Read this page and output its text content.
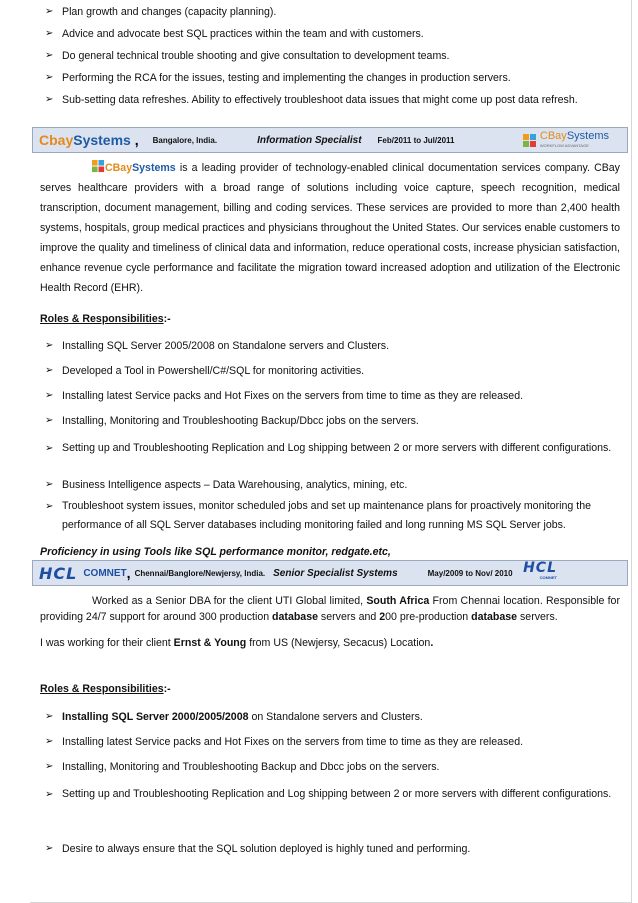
➢ Plan growth and changes (capacity planning).
➢ Advice and advocate best SQL practices within the team and with customers.
➢ Do general technical trouble shooting and give consultation to development teams.
➢ Performing the RCA for the issues, testing and implementing the changes in production servers.
➢ Sub-setting data refreshes. Ability to effectively troubleshoot data issues that might come up post data refresh.
CbaySystems , Bangalore, India.	Information Specialist Feb/2011 to Jul/2011	CBaySystems
WORKFLOW ADVANTAGE
CBaySystems is a leading provider of technology-enabled clinical documentation services company. CBay serves healthcare providers with a broad range of solutions including voice capture, speech recognition, medical transcription, document management, billing and coding services. These services are provided to more than 2,400 health systems, hospitals, group medical practices and physicians throughout the United States. Our services enable customers to improve the quality and timeliness of clinical data and information, reduce operational costs, increase physician satisfaction, enhance revenue cycle performance and facilitate the migration toward increased adoption and utilization of the Electronic Health Record (EHR).
Roles & Responsibilities:-
➢ Installing SQL Server 2005/2008 on Standalone servers and Clusters.
➢ Developed a Tool in Powershell/C#/SQL for monitoring activities.
➢ Installing latest Service packs and Hot Fixes on the servers from time to time as they are released.
➢ Installing, Monitoring and Troubleshooting Backup/Dbcc jobs on the servers.
➢ Setting up and Troubleshooting Replication and Log shipping between 2 or more servers with different configurations.
➢ Business Intelligence aspects – Data Warehousing, analytics, mining, etc.
➢ Troubleshoot system issues, monitor scheduled jobs and set up maintenance plans for proactively monitoring the performance of all SQL Server databases including monitoring failed and long running MS SQL Server jobs.
Proficiency in using Tools like SQL performance monitor, redgate.etc,
HCL COMNET , Chennai/Banglore/Newjersy, India. Senior Specialist Systems	May/2009 to Nov/ 2010 HCL
COMNET
Worked as a Senior DBA for the client UTI Global limited, South Africa From Chennai location. Responsible for providing 24/7 support for around 300 production database servers and 200 pre-production database servers.
I was working for their client Ernst & Young from US (Newjersy, Secacus) Location.
Roles & Responsibilities:-
➢ Installing SQL Server 2000/2005/2008 on Standalone servers and Clusters.
➢ Installing latest Service packs and Hot Fixes on the servers from time to time as they are released.
➢ Installing, Monitoring and Troubleshooting Backup and Dbcc jobs on the servers.
➢ Setting up and Troubleshooting Replication and Log shipping between 2 or more servers with different configurations.
➢ Desire to always ensure that the SQL solution deployed is highly tuned and performing.
